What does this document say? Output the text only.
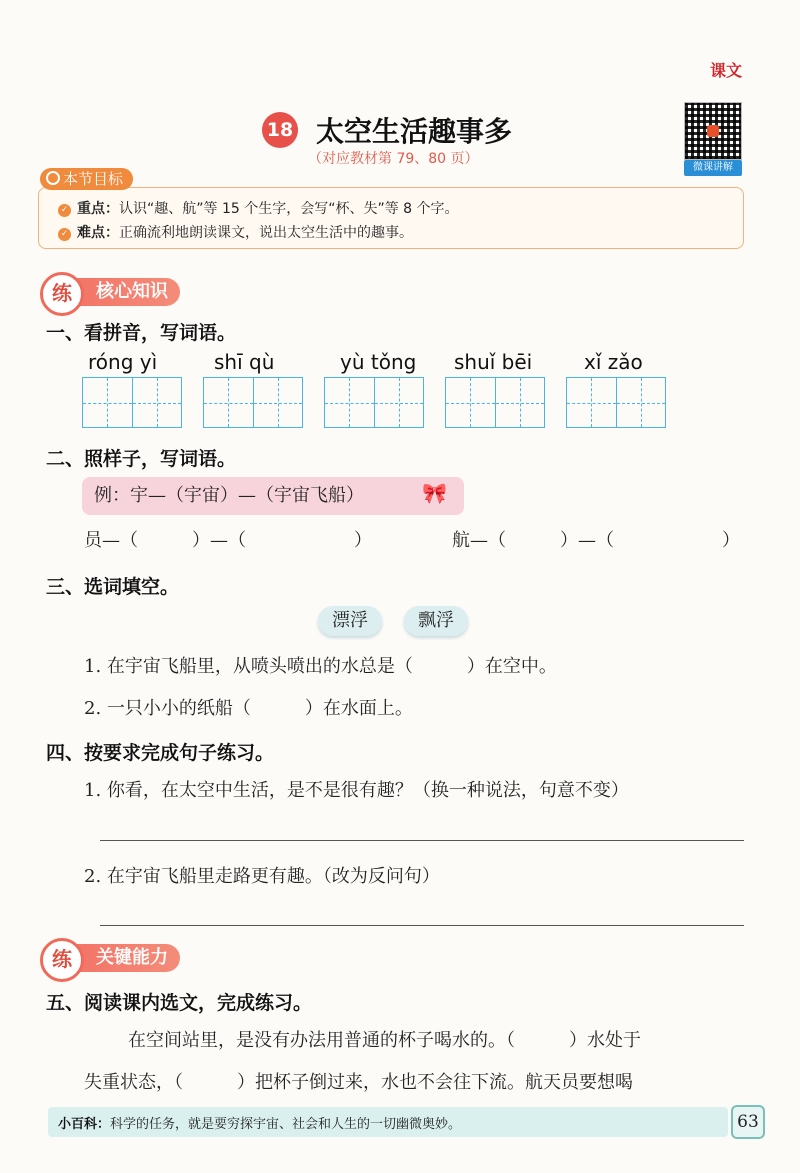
课文
微课讲解
18 太空生活趣事多
（对应教材第 79、80 页）
本节目标
✓ 重点：认识“趣、航”等 15 个生字，会写“杯、失”等 8 个字。
✓ 难点：正确流利地朗读课文，说出太空生活中的趣事。
核心知识
练
一、看拼音，写词语。
róng yì	shī qù	yù tǒng shuǐ bēi	xǐ zǎo
二、照样子，写词语。
例：宇—（宇宙）—（宇宙飞船）	🎀
员—（　　　）—（　　　　　　）	航—（　　　）—（　　　　　　）
三、选词填空。
漂浮	飘浮
1. 在宇宙飞船里，从喷头喷出的水总是（　　　）在空中。
2. 一只小小的纸船（　　　）在水面上。
四、按要求完成句子练习。
1. 你看，在太空中生活，是不是很有趣？（换一种说法，句意不变）
2. 在宇宙飞船里走路更有趣。（改为反问句）
关键能力
练
五、阅读课内选文，完成练习。
在空间站里，是没有办法用普通的杯子喝水的。（　　　）水处于
失重状态，（　　　）把杯子倒过来，水也不会往下流。航天员要想喝
小百科：科学的任务，就是要穷探宇宙、社会和人生的一切幽微奥妙。	63
